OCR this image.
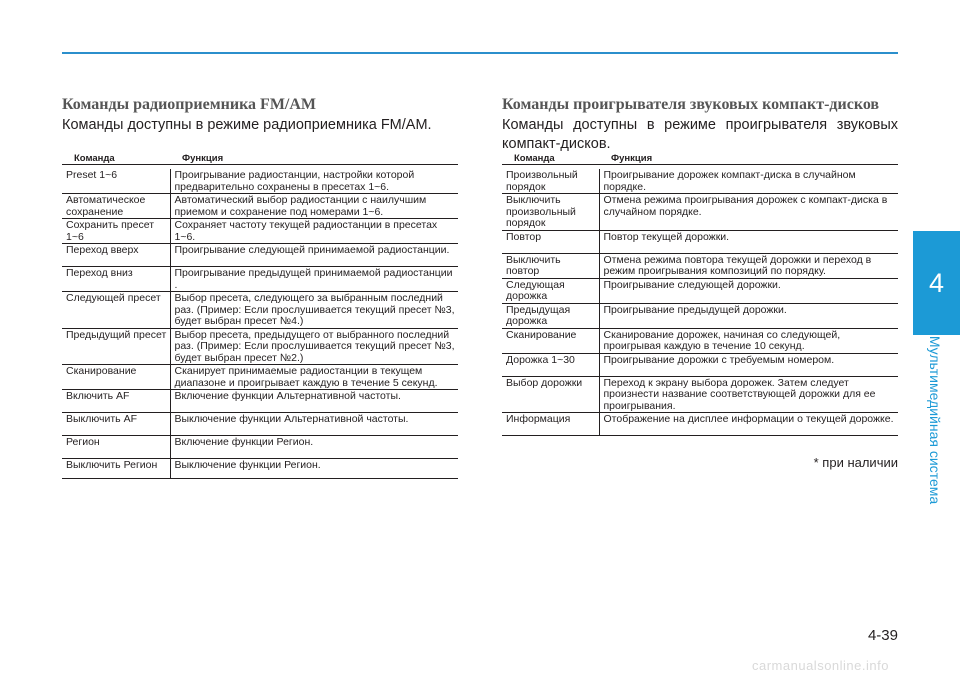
4
Мультимедийная система
Команды радиоприемника FM/AM
Команды доступны в режиме радиоприемника FM/AM.
Команда	Функция

Preset 1~6	Проигрывание радиостанции, настройки которой предварительно сохранены в пресетах 1~6.
Автоматическое сохранение	Автоматический выбор радиостанции с наилучшим приемом и сохранение под номерами 1~6.
Сохранить пресет 1~6	Сохраняет частоту текущей радиостанции в пресетах 1~6.
Переход вверх	Проигрывание следующей принимаемой радиостанции.
Переход вниз	Проигрывание предыдущей принимаемой радиостанции .
Следующей пресет	Выбор пресета, следующего за выбранным последний раз. (Пример: Если прослушивается текущий пресет №3, будет выбран пресет №4.)
Предыдущий пресет	Выбор пресета, предыдущего от выбранного последний раз. (Пример: Если прослушивается текущий пресет №3, будет выбран пресет №2.)
Сканирование	Сканирует принимаемые радиостанции в текущем диапазоне и проигрывает каждую в течение 5 секунд.
Включить AF	Включение функции Альтернативной частоты.
Выключить AF	Выключение функции Альтернативной частоты.
Регион	Включение функции Регион.
Выключить Регион	Выключение функции Регион.
Команды проигрывателя звуковых компакт-дисков
Команды доступны в режиме проигрывателя звуковых компакт-дисков.
Команда	Функция

Произвольный порядок	Проигрывание дорожек компакт-диска в случайном порядке.
Выключить произвольный порядок	Отмена режима проигрывания дорожек с компакт-диска в случайном порядке.
Повтор	Повтор текущей дорожки.
Выключить повтор	Отмена режима повтора текущей дорожки и переход в режим проигрывания композиций по порядку.
Следующая дорожка	Проигрывание следующей дорожки.
Предыдущая дорожка	Проигрывание предыдущей дорожки.
Сканирование	Сканирование дорожек, начиная со следующей, проигрывая каждую в течение 10 секунд.
Дорожка 1~30	Проигрывание дорожки с требуемым номером.
Выбор дорожки	Переход к экрану выбора дорожек. Затем следует произнести название соответствующей дорожки для ее проигрывания.
Информация	Отображение на дисплее информации о текущей дорожке.
* при наличии
4-39
carmanualsonline.info
